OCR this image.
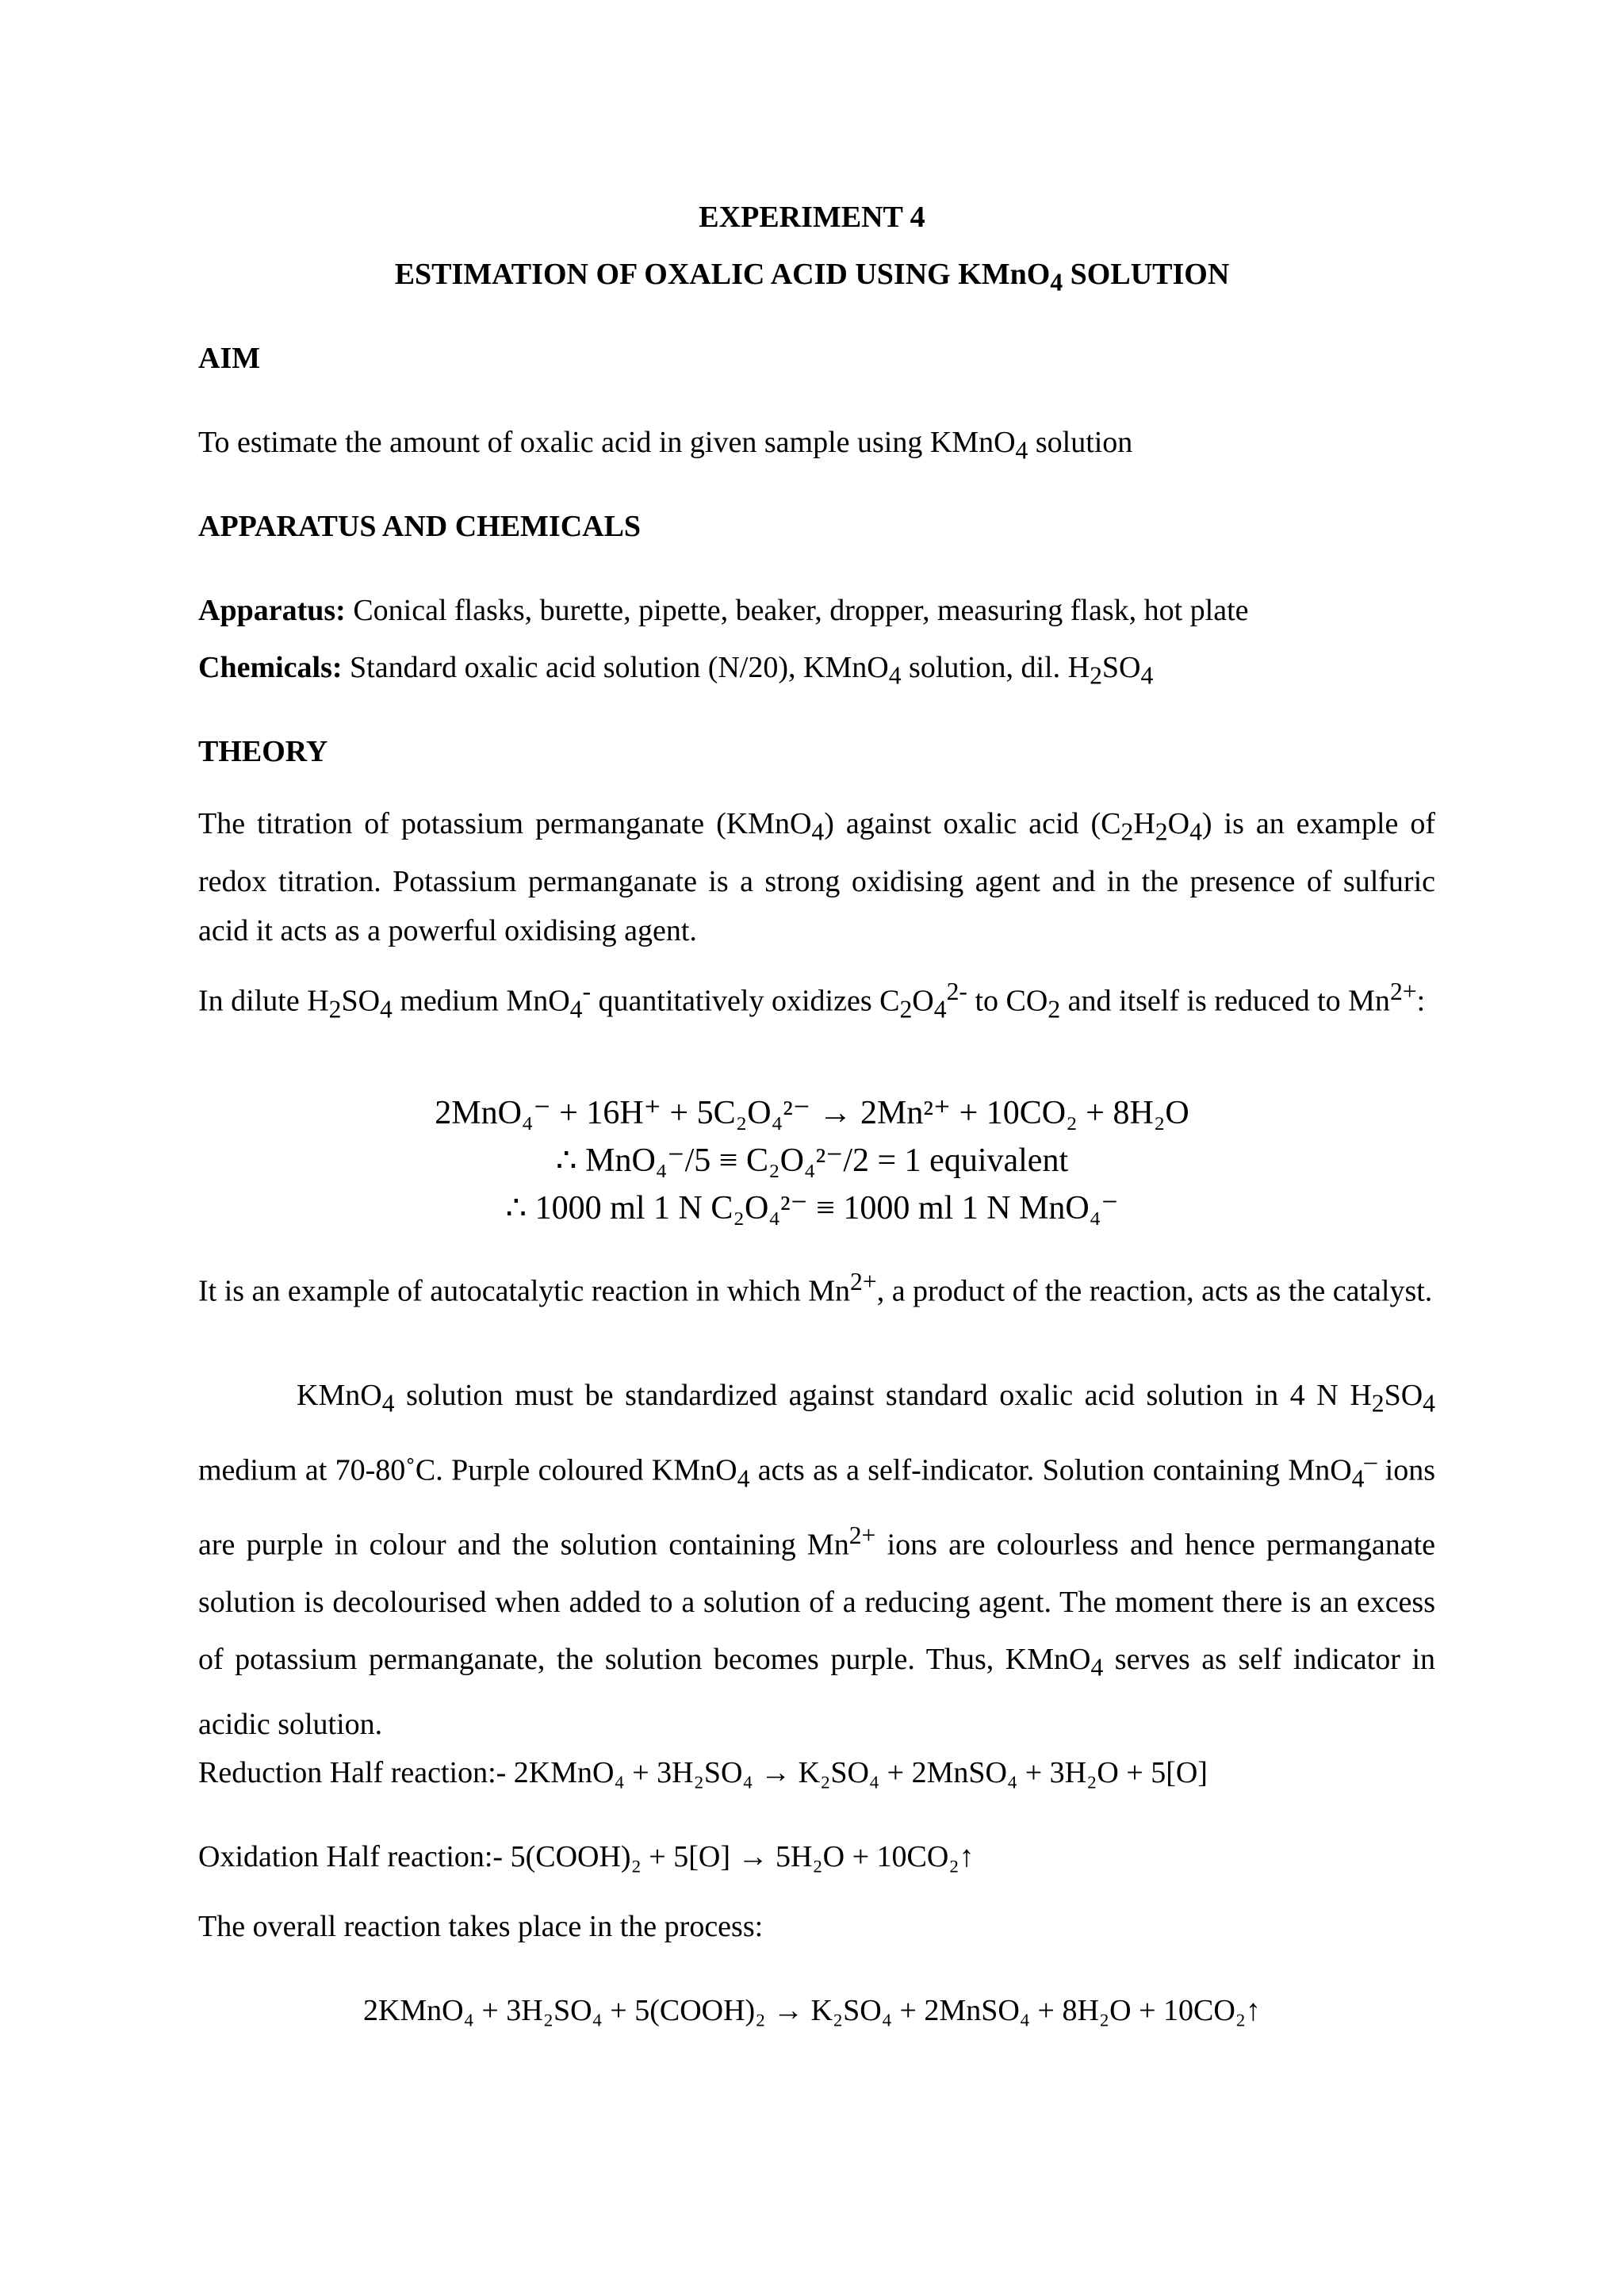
EXPERIMENT 4
ESTIMATION OF OXALIC ACID USING KMnO$_4$ SOLUTION
AIM
To estimate the amount of oxalic acid in given sample using KMnO$_4$ solution
APPARATUS AND CHEMICALS
Apparatus: Conical flasks, burette, pipette, beaker, dropper, measuring flask, hot plate
Chemicals: Standard oxalic acid solution (N/20), KMnO$_4$ solution, dil. $H_2SO_4$
THEORY
The titration of potassium permanganate (KMnO$_4$) against oxalic acid $(C_2H_2O_4)$ is an example of redox titration. Potassium permanganate is a strong oxidising agent and in the presence of sulfuric acid it acts as a powerful oxidising agent.
In dilute $H_2SO_4$ medium MnO$_4$- quantitatively oxidizes $C_2O_4^{2-}$ to $CO_2$ and itself is reduced to $Mn^{2+}$:
2MnO₄⁻ + 16H⁺ + 5C₂O₄²⁻ → 2Mn²⁺ + 10CO₂ + 8H₂O
∴ MnO₄⁻/5 ≡ C₂O₄²⁻/2 = 1 equivalent
∴ 1000 ml 1 N C₂O₄²⁻ ≡ 1000 ml 1 N MnO₄⁻
It is an example of autocatalytic reaction in which $Mn^{2+}$, a product of the reaction, acts as the catalyst.
KMnO$_4$ solution must be standardized against standard oxalic acid solution in 4 N $H_2SO_4$ medium at 70-80˚C. Purple coloured KMnO$_4$ acts as a self-indicator. Solution containing MnO$_4$– ions are purple in colour and the solution containing $Mn^{2+}$ ions are colourless and hence permanganate solution is decolourised when added to a solution of a reducing agent. The moment there is an excess of potassium permanganate, the solution becomes purple. Thus, KMnO$_4$ serves as self indicator in acidic solution.
Reduction Half reaction:- 2KMnO₄ + 3H₂SO₄ → K₂SO₄ + 2MnSO₄ + 3H₂O + 5[O]
Oxidation Half reaction:- 5(COOH)₂ + 5[O] → 5H₂O + 10CO₂↑
The overall reaction takes place in the process:
2KMnO₄ + 3H₂SO₄ + 5(COOH)₂ → K₂SO₄ + 2MnSO₄ + 8H₂O + 10CO₂↑
